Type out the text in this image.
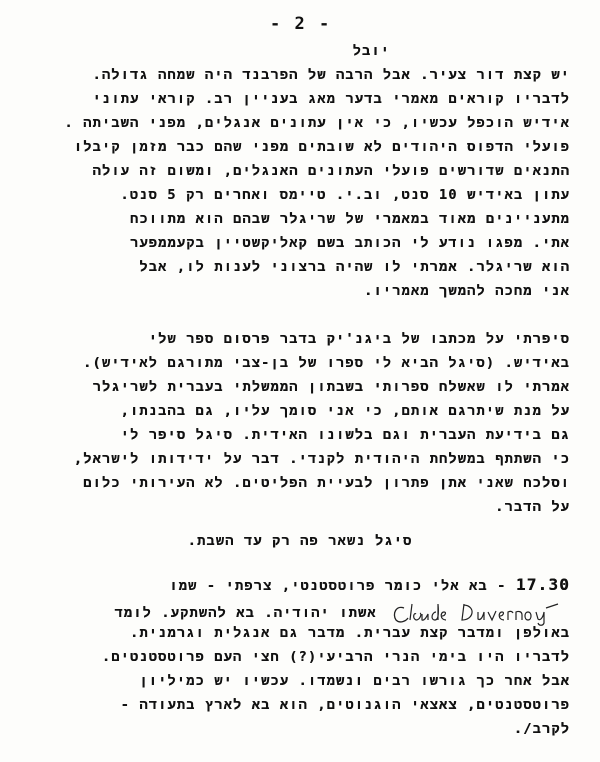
- 2 -
יובל
יש קצת דור צעיר. אבל הרבה של הפרבנד היה שמחה גדולה.
לדבריו קוראים מאמרי בדער מאג בעניין רב. קוראי עתוני
אידיש הוכפל עכשיו, כי אין עתונים אנגלים, מפני השביתה .
פועלי הדפוס היהודים לא שובתים מפני שהם כבר מזמן קיבלו
התנאים שדורשים פועלי העתונים האנגלים, ומשום זה עולה
עתון באידיש 10 סנט, וב.י. טיימס ואחרים רק 5 סנט.
מתעניינים מאוד במאמרי של שריגלר שבהם הוא מתווכח
אתי. מפגו נודע לי הכותב בשם קאליקשטיין בקעממפער
הוא שריגלר. אמרתי לו שהיה ברצוני לענות לו, אבל
אני מחכה להמשך מאמריו.
סיפרתי על מכתבו של ביגנ'יק בדבר פרסום ספר שלי
באידיש. (סיגל הביא לי ספרו של בן-צבי מתורגם לאידיש).
אמרתי לו שאשלח ספרותי בשבתון הממשלתי בעברית לשריגלר
על מנת שיתרגם אותם, כי אני סומך עליו, גם בהבנתו,
גם בידיעת העברית וגם בלשונו האידית. סיגל סיפר לי
כי השתתף במשלחת היהודית לקנדי. דבר על ידידותו לישראל,
וסלכח שאני אתן פתרון לבעיית הפליטים. לא העירותי כלום
על הדבר.
סיגל נשאר פה רק עד השבת.
17.30 - בא אלי כומר פרוטסטנטי, צרפתי - שמו
אשתו יהודיה. בא להשתקע. לומד
באולפן ומדבר קצת עברית. מדבר גם אנגלית וגרמנית.
לדבריו היו בימי הנרי הרביעי(?) חצי העם פרוטסטנטים.
אבל אחר כך גורשו רבים ונשמדו. עכשיו יש כמיליון
פרוטסטנטים, צאצאי הוגנוטים, הוא בא לארץ בתעודה -
לקרב/.
